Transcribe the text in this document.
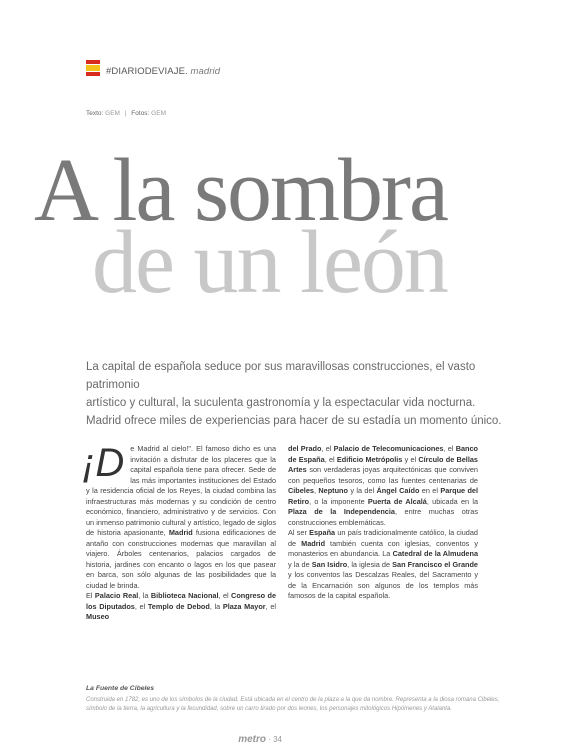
#DIARIODEVIAJE. madrid
Texto: GEM | Fotos: GEM
A la sombra
de un león

La capital de española seduce por sus maravillosas construcciones, el vasto patrimonio

artístico y cultural, la suculenta gastronomía y la espectacular vida nocturna.

Madrid ofrece miles de experiencias para hacer de su estadía un momento único.

¡D e Madrid al cielo!". El famoso dicho es una invitación a disfrutar de los placeres que la capital española tiene para ofrecer. Sede de las más importantes instituciones del Estado y la residencia oficial de los Reyes, la ciudad combina las infraestructuras más modernas y su condición de centro económico, financiero, administrativo y de servicios. Con un inmenso patrimonio cultural y artístico, legado de siglos de historia apasionante, Madrid fusiona edificaciones de antaño con construcciones modernas que maravillan al viajero. Árboles centenarios, palacios cargados de historia, jardines con encanto o lagos en los que pasear en barca, son sólo algunas de las posibilidades que la ciudad le brinda.

El Palacio Real, la Biblioteca Nacional, el Congreso de los Diputados, el Templo de Debod, la Plaza Mayor, el Museo

del Prado, el Palacio de Telecomunicaciones, el Banco de España, el Edificio Metrópolis y el Círculo de Bellas Artes son verdaderas joyas arquitectónicas que conviven con pequeños tesoros, como las fuentes centenarias de Cibeles, Neptuno y la del Ángel Caído en el Parque del Retiro, o la imponente Puerta de Alcalá, ubicada en la Plaza de la Independencia, entre muchas otras construcciones emblemáticas.

Al ser España un país tradicionalmente católico, la ciudad de Madrid también cuenta con iglesias, conventos y monasterios en abundancia. La Catedral de la Almudena y la de San Isidro, la iglesia de San Francisco el Grande y los conventos las Descalzas Reales, del Sacramento y de la Encarnación son algunos de los templos más famosos de la capital española.

La Fuente de Cibeles
Construida en 1782, es uno de los símbolos de la ciudad. Está ubicada en el centro de la plaza a la que da nombre. Representa a la diosa romana Cibeles, símbolo de la tierra, la agricultura y la fecundidad, sobre un carro tirado por dos leones, los personajes mitológicos Hipómenes y Atalanta.
metro · 34
